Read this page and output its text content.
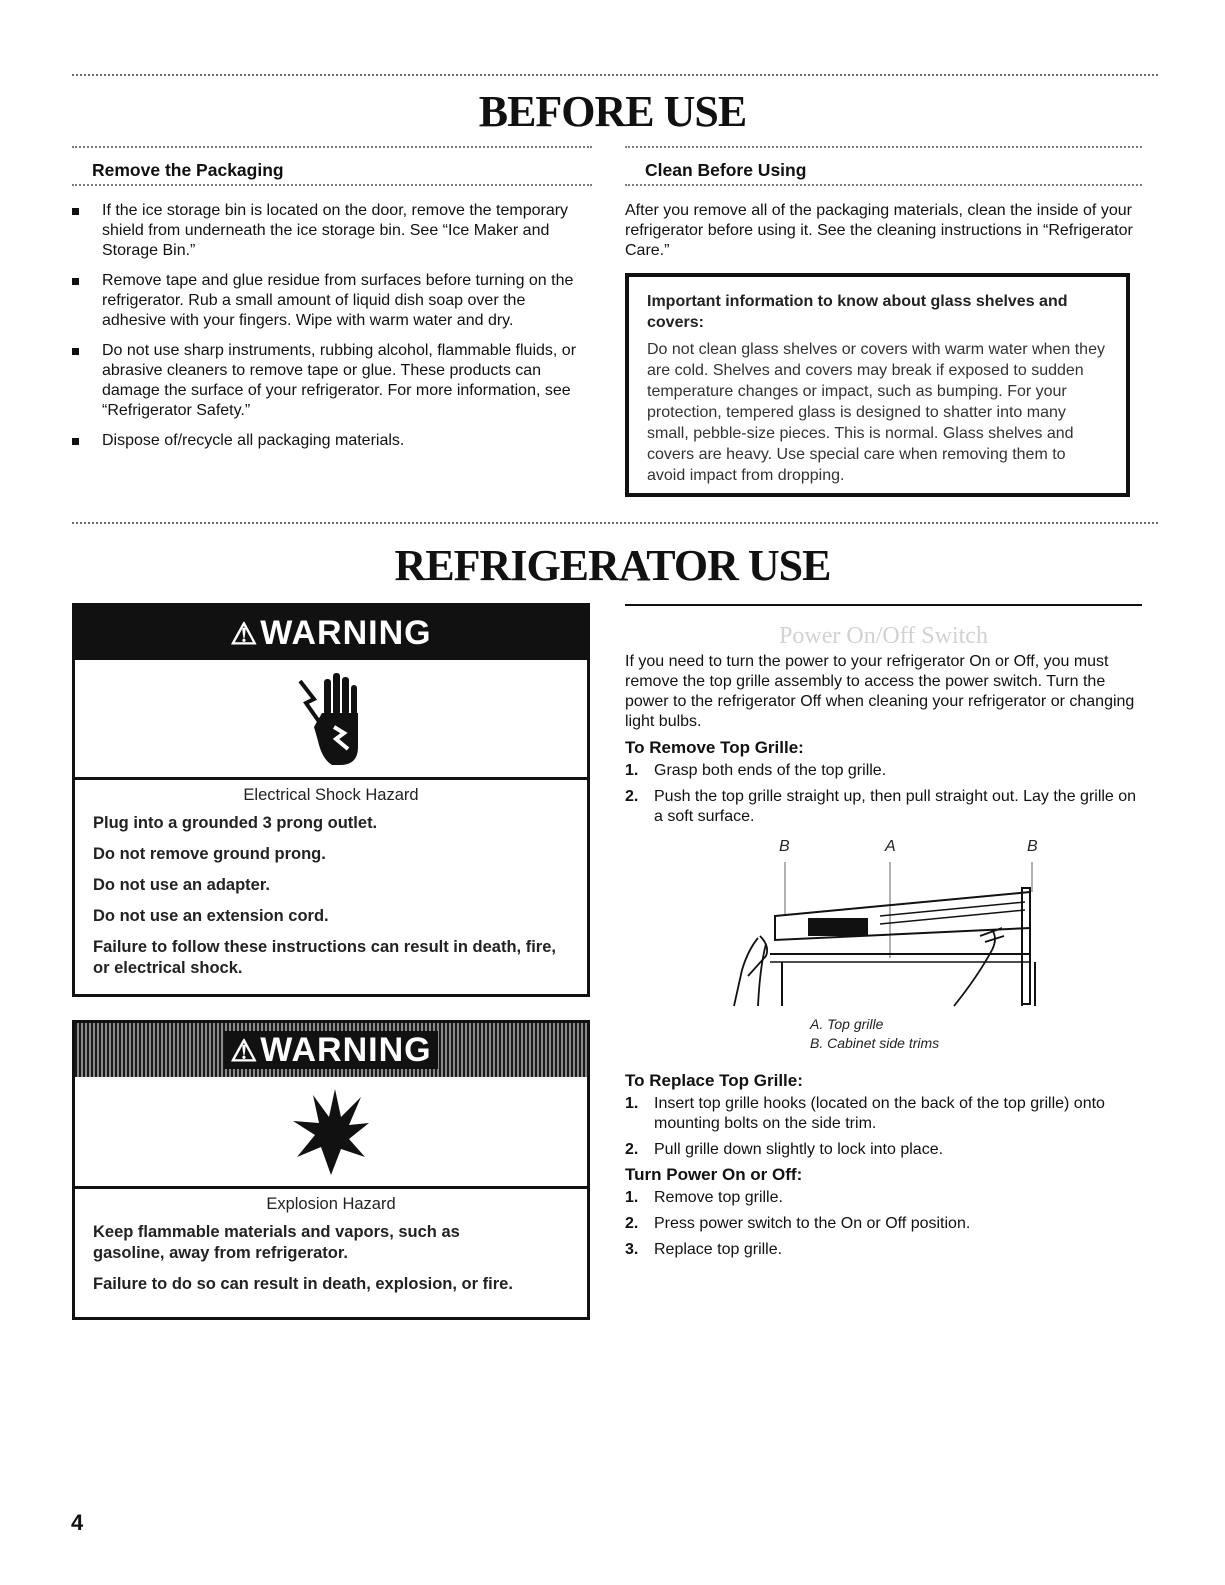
BEFORE USE
Remove the Packaging	Clean Before Using
If the ice storage bin is located on the door, remove the temporary shield from underneath the ice storage bin. See “Ice Maker and Storage Bin.”
Remove tape and glue residue from surfaces before turning on the refrigerator. Rub a small amount of liquid dish soap over the adhesive with your fingers. Wipe with warm water and dry.
Do not use sharp instruments, rubbing alcohol, flammable fluids, or abrasive cleaners to remove tape or glue. These products can damage the surface of your refrigerator. For more information, see “Refrigerator Safety.”
Dispose of/recycle all packaging materials.

After you remove all of the packaging materials, clean the inside of your refrigerator before using it. See the cleaning instructions in “Refrigerator Care.”

Important information to know about glass shelves and covers:

Do not clean glass shelves or covers with warm water when they are cold. Shelves and covers may break if exposed to sudden temperature changes or impact, such as bumping. For your protection, tempered glass is designed to shatter into many small, pebble-size pieces. This is normal. Glass shelves and covers are heavy. Use special care when removing them to avoid impact from dropping.

REFRIGERATOR USE
⚠WARNING

Electrical Shock Hazard

Plug into a grounded 3 prong outlet.

Do not remove ground prong.

Do not use an adapter.

Do not use an extension cord.

Failure to follow these instructions can result in death, fire, or electrical shock.

⚠WARNING

Explosion Hazard

Keep flammable materials and vapors, such as gasoline, away from refrigerator.

Failure to do so can result in death, explosion, or fire.

Power On/Off Switch

If you need to turn the power to your refrigerator On or Off, you must remove the top grille assembly to access the power switch. Turn the power to the refrigerator Off when cleaning your refrigerator or changing light bulbs.

To Remove Top Grille:

1. Grasp both ends of the top grille.
2. Push the top grille straight up, then pull straight out. Lay the grille on a soft surface.
B	A	B
A. Top grille
B. Cabinet side trims

To Replace Top Grille:

1. Insert top grille hooks (located on the back of the top grille) onto mounting bolts on the side trim.
2. Pull grille down slightly to lock into place.

Turn Power On or Off:

1. Remove top grille.
2. Press power switch to the On or Off position.
3. Replace top grille.
4
